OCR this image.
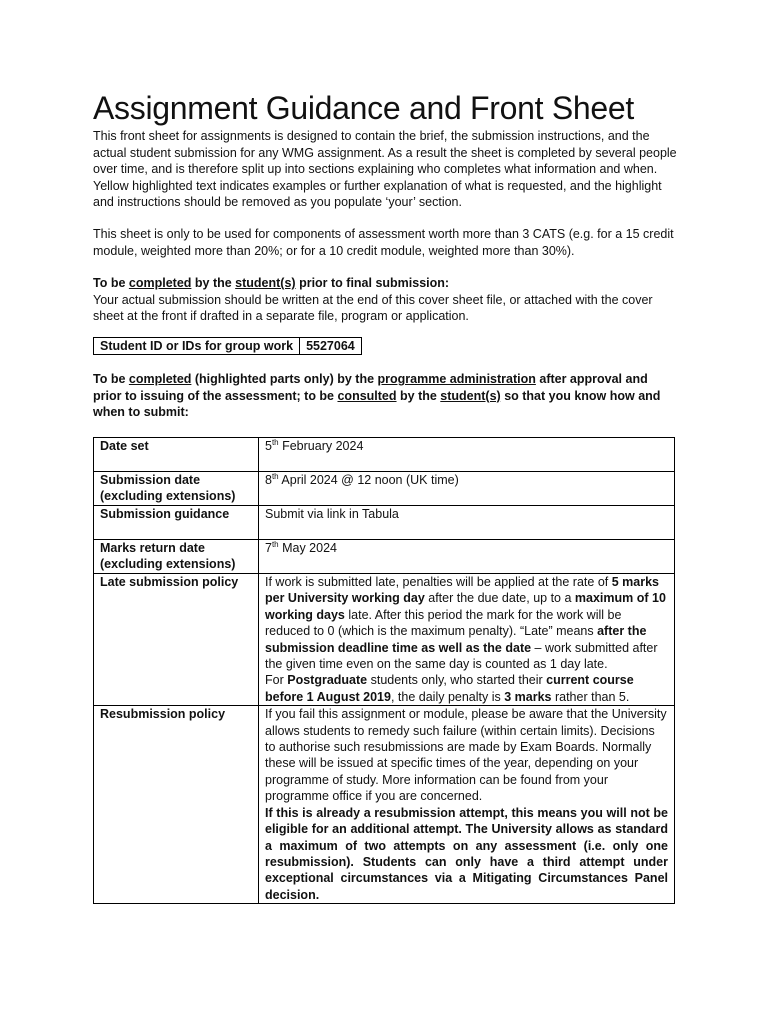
Assignment Guidance and Front Sheet

This front sheet for assignments is designed to contain the brief, the submission instructions, and the actual student submission for any WMG assignment. As a result the sheet is completed by several people over time, and is therefore split up into sections explaining who completes what information and when. Yellow highlighted text indicates examples or further explanation of what is requested, and the highlight and instructions should be removed as you populate ‘your’ section.

This sheet is only to be used for components of assessment worth more than 3 CATS (e.g. for a 15 credit module, weighted more than 20%; or for a 10 credit module, weighted more than 30%).

To be completed by the student(s) prior to final submission:
Your actual submission should be written at the end of this cover sheet file, or attached with the cover sheet at the front if drafted in a separate file, program or application.
Student ID or IDs for group work	5527064

To be completed (highlighted parts only) by the programme administration after approval and prior to issuing of the assessment; to be consulted by the student(s) so that you know how and when to submit:

Date set	5th February 2024
Submission date (excluding extensions)	8th April 2024 @ 12 noon (UK time)
Submission guidance	Submit via link in Tabula
Marks return date (excluding extensions)	7th May 2024
Late submission policy	If work is submitted late, penalties will be applied at the rate of 5 marks per University working day after the due date, up to a maximum of 10 working days late. After this period the mark for the work will be reduced to 0 (which is the maximum penalty). “Late” means after the submission deadline time as well as the date – work submitted after the given time even on the same day is counted as 1 day late.
For Postgraduate students only, who started their current course before 1 August 2019, the daily penalty is 3 marks rather than 5.
Resubmission policy	If you fail this assignment or module, please be aware that the University allows students to remedy such failure (within certain limits). Decisions to authorise such resubmissions are made by Exam Boards. Normally these will be issued at specific times of the year, depending on your programme of study. More information can be found from your programme office if you are concerned.
If this is already a resubmission attempt, this means you will not be eligible for an additional attempt. The University allows as standard a maximum of two attempts on any assessment (i.e. only one resubmission). Students can only have a third attempt under exceptional circumstances via a Mitigating Circumstances Panel decision.
